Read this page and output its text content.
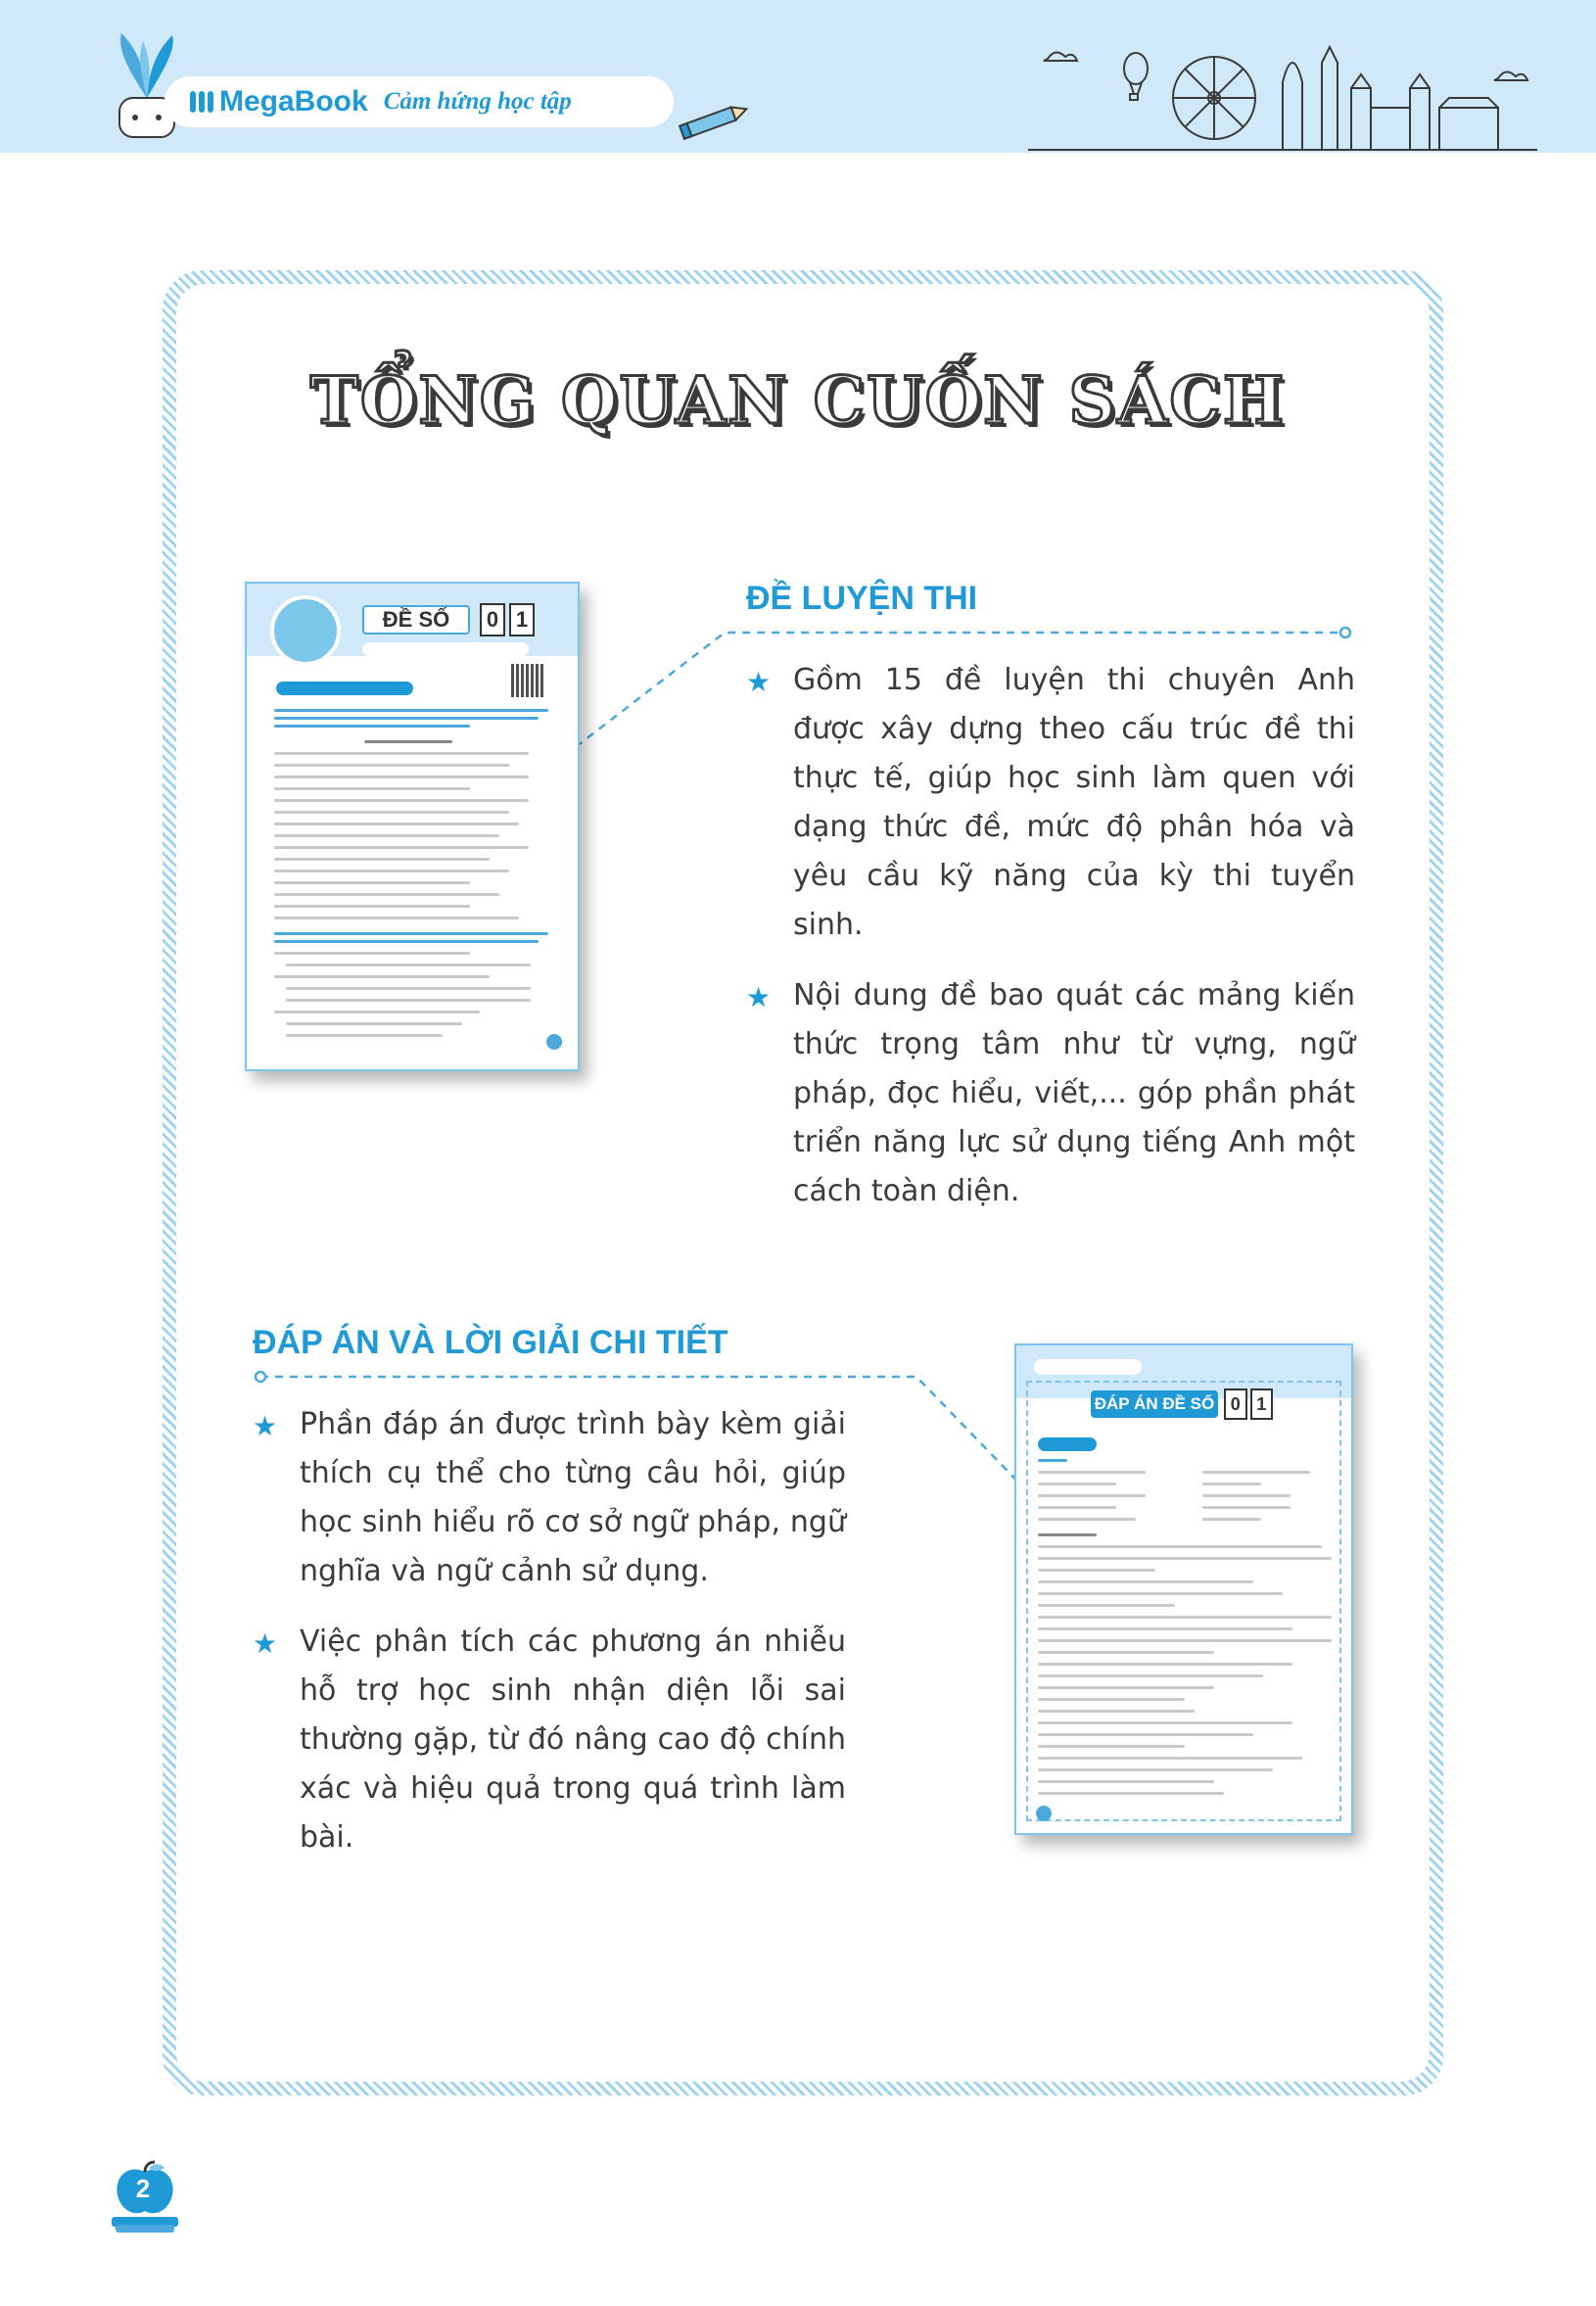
MegaBook Cảm hứng học tập
TỔNG QUAN CUỐN SÁCH
ĐỀ LUYỆN THI
★ Gồm 15 đề luyện thi chuyên Anh được xây dựng theo cấu trúc đề thi thực tế, giúp học sinh làm quen với dạng thức đề, mức độ phân hóa và yêu cầu kỹ năng của kỳ thi tuyển sinh.
★ Nội dung đề bao quát các mảng kiến thức trọng tâm như từ vựng, ngữ pháp, đọc hiểu, viết,... góp phần phát triển năng lực sử dụng tiếng Anh một cách toàn diện.
ĐỀ SỐ	0 1
ĐÁP ÁN VÀ LỜI GIẢI CHI TIẾT
★ Phần đáp án được trình bày kèm giải thích cụ thể cho từng câu hỏi, giúp học sinh hiểu rõ cơ sở ngữ pháp, ngữ nghĩa và ngữ cảnh sử dụng.
★ Việc phân tích các phương án nhiễu hỗ trợ học sinh nhận diện lỗi sai thường gặp, từ đó nâng cao độ chính xác và hiệu quả trong quá trình làm bài.
ĐÁP ÁN ĐỀ SỐ 0 1
2
